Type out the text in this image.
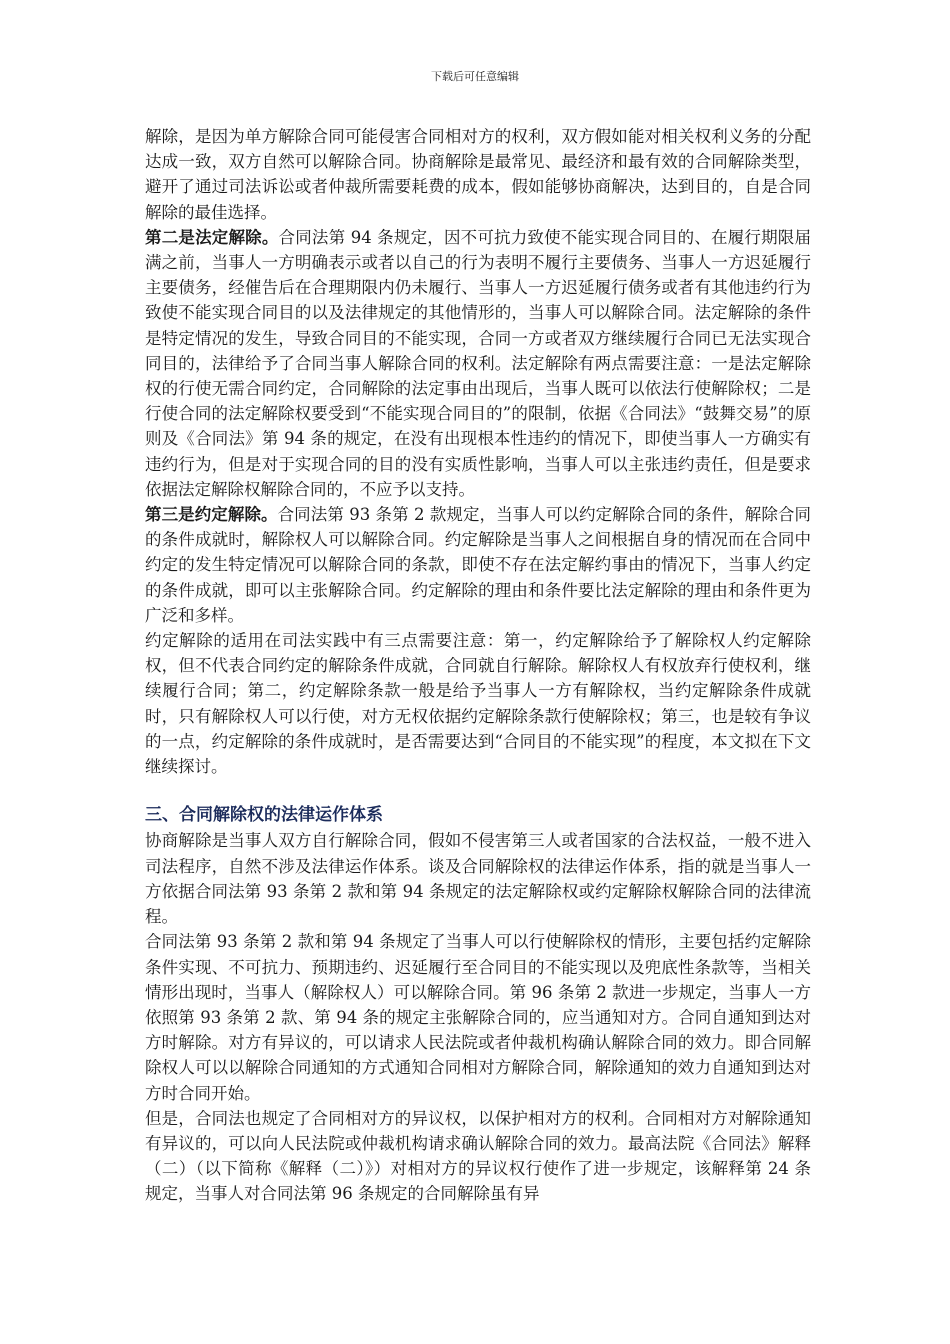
下载后可任意编辑

解除，是因为单方解除合同可能侵害合同相对方的权利，双方假如能对相关权利义务的分配达成一致，双方自然可以解除合同。协商解除是最常见、最经济和最有效的合同解除类型，避开了通过司法诉讼或者仲裁所需要耗费的成本，假如能够协商解决，达到目的，自是合同解除的最佳选择。

第二是法定解除。合同法第 94 条规定，因不可抗力致使不能实现合同目的、在履行期限届满之前，当事人一方明确表示或者以自己的行为表明不履行主要债务、当事人一方迟延履行主要债务，经催告后在合理期限内仍未履行、当事人一方迟延履行债务或者有其他违约行为致使不能实现合同目的以及法律规定的其他情形的，当事人可以解除合同。法定解除的条件是特定情况的发生，导致合同目的不能实现，合同一方或者双方继续履行合同已无法实现合同目的，法律给予了合同当事人解除合同的权利。法定解除有两点需要注意：一是法定解除权的行使无需合同约定，合同解除的法定事由出现后，当事人既可以依法行使解除权；二是行使合同的法定解除权要受到“不能实现合同目的”的限制，依据《合同法》“鼓舞交易”的原则及《合同法》第 94 条的规定，在没有出现根本性违约的情况下，即使当事人一方确实有违约行为，但是对于实现合同的目的没有实质性影响，当事人可以主张违约责任，但是要求依据法定解除权解除合同的，不应予以支持。

第三是约定解除。合同法第 93 条第 2 款规定，当事人可以约定解除合同的条件，解除合同的条件成就时，解除权人可以解除合同。约定解除是当事人之间根据自身的情况而在合同中约定的发生特定情况可以解除合同的条款，即使不存在法定解约事由的情况下，当事人约定的条件成就，即可以主张解除合同。约定解除的理由和条件要比法定解除的理由和条件更为广泛和多样。

约定解除的适用在司法实践中有三点需要注意：第一，约定解除给予了解除权人约定解除权，但不代表合同约定的解除条件成就，合同就自行解除。解除权人有权放弃行使权利，继续履行合同；第二，约定解除条款一般是给予当事人一方有解除权，当约定解除条件成就时，只有解除权人可以行使，对方无权依据约定解除条款行使解除权；第三，也是较有争议的一点，约定解除的条件成就时，是否需要达到“合同目的不能实现”的程度，本文拟在下文继续探讨。

三、合同解除权的法律运作体系

协商解除是当事人双方自行解除合同，假如不侵害第三人或者国家的合法权益，一般不进入司法程序，自然不涉及法律运作体系。谈及合同解除权的法律运作体系，指的就是当事人一方依据合同法第 93 条第 2 款和第 94 条规定的法定解除权或约定解除权解除合同的法律流程。

合同法第 93 条第 2 款和第 94 条规定了当事人可以行使解除权的情形，主要包括约定解除条件实现、不可抗力、预期违约、迟延履行至合同目的不能实现以及兜底性条款等，当相关情形出现时，当事人（解除权人）可以解除合同。第 96 条第 2 款进一步规定，当事人一方依照第 93 条第 2 款、第 94 条的规定主张解除合同的，应当通知对方。合同自通知到达对方时解除。对方有异议的，可以请求人民法院或者仲裁机构确认解除合同的效力。即合同解除权人可以以解除合同通知的方式通知合同相对方解除合同，解除通知的效力自通知到达对方时合同开始。

但是，合同法也规定了合同相对方的异议权，以保护相对方的权利。合同相对方对解除通知有异议的，可以向人民法院或仲裁机构请求确认解除合同的效力。最高法院《合同法》解释（二）（以下简称《解释（二）》）对相对方的异议权行使作了进一步规定，该解释第 24 条规定，当事人对合同法第 96 条规定的合同解除虽有异
